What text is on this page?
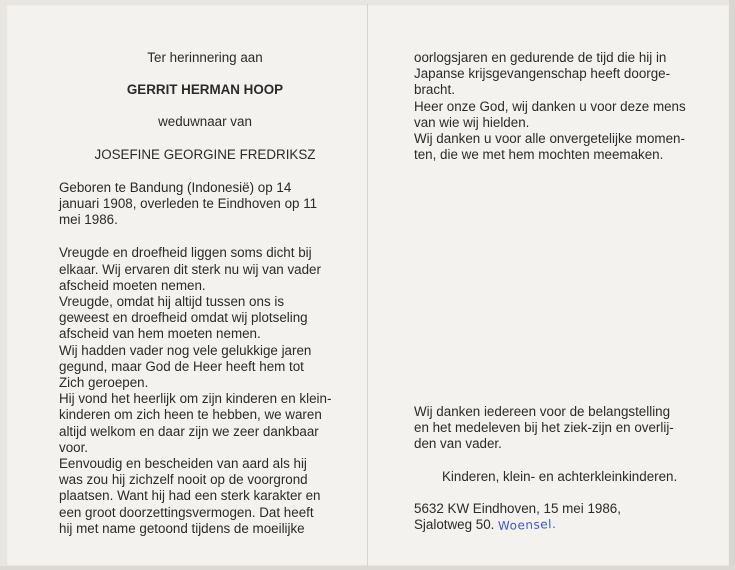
Ter herinnering aan

GERRIT HERMAN HOOP

weduwnaar van

JOSEFINE GEORGINE FREDRIKSZ

Geboren te Bandung (Indonesië) op 14

januari 1908, overleden te Eindhoven op 11

mei 1986.

Vreugde en droefheid liggen soms dicht bij

elkaar. Wij ervaren dit sterk nu wij van vader

afscheid moeten nemen.

Vreugde, omdat hij altijd tussen ons is

geweest en droefheid omdat wij plotseling

afscheid van hem moeten nemen.

Wij hadden vader nog vele gelukkige jaren

gegund, maar God de Heer heeft hem tot

Zich geroepen.

Hij vond het heerlijk om zijn kinderen en klein-

kinderen om zich heen te hebben, we waren

altijd welkom en daar zijn we zeer dankbaar

voor.

Eenvoudig en bescheiden van aard als hij

was zou hij zichzelf nooit op de voorgrond

plaatsen. Want hij had een sterk karakter en

een groot doorzettingsvermogen. Dat heeft

hij met name getoond tijdens de moeilijke

oorlogsjaren en gedurende de tijd die hij in

Japanse krijsgevangenschap heeft doorge-

bracht.

Heer onze God, wij danken u voor deze mens

van wie wij hielden.

Wij danken u voor alle onvergetelijke momen-

ten, die we met hem mochten meemaken.

Wij danken iedereen voor de belangstelling

en het medeleven bij het ziek-zijn en overlij-

den van vader.

Kinderen, klein- en achterkleinkinderen.

5632 KW Eindhoven, 15 mei 1986,

Sjalotweg 50. Woensel.
